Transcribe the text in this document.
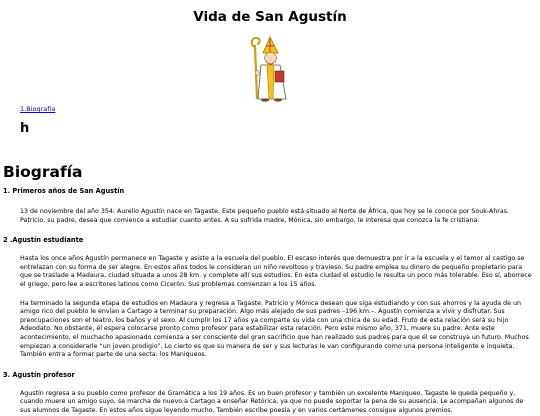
Vida de San Agustín
1.Biografia
h
Biografía
1. Primeros años de San Agustín

13 de noviembre del año 354: Aurelio Agustín nace en Tagaste. Este pequeño pueblo está situado al Norte de África, que hoy se le conoce por Souk-Ahras. Patricio, su padre, desea que comience a estudiar cuanto antes. A su sufrida madre, Mónica, sin embargo, le interesa que conozca la fe cristiana.

2 .Agustín estudiante

Hasta los once años Agustín permanece en Tagaste y asiste a la escuela del pueblo. El escaso interés que demuestra por ir a la escuela y el temor al castigo se entrelazan con su forma de ser alegre. En estos años todos le consideran un niño revoltoso y travieso. Su padre emplea su dinero de pequeño propietario para que se traslade a Madaura, ciudad situada a unos 28 km. y complete allí sus estudios. En esta ciudad el estudio le resulta un poco más tolerable. Eso sí, aborrece el griego, pero lee a escritores latinos como Cicerón. Sus problemas comienzan a los 15 años.

Ha terminado la segunda etapa de estudios en Madaura y regresa a Tagaste. Patricio y Mónica desean que siga estudiando y con sus ahorros y la ayuda de un amigo rico del pueblo le envían a Cartago a terminar su preparación. Algo más alejado de sus padres –196 km.–. Agustín comienza a vivir y disfrutar. Sus preocupaciones son el teatro, los baños y el sexo. Al cumplir los 17 años ya comparte su vida con una chica de su edad. Fruto de esta relación será su hijo Adeodato. No obstante, él espera colocarse pronto como profesor para estabilizar esta relación. Pero este mismo año, 371, muere su padre. Ante este acontecimiento, el muchacho apasionado comienza a ser consciente del gran sacrificio que han realizado sus padres para que él se construya un futuro. Muchos empiezan a considerarle “un joven prodigio”. Lo cierto es que su manera de ser y sus lecturas le van configurando como una persona inteligente e inquieta. También entra a formar parte de una secta: los Maniqueos.

3. Agustín profesor

Agustín regresa a su pueblo como profesor de Gramática a los 19 años. Es un buen profesor y también un excelente Maniqueo. Tagaste le queda pequeño y, cuando muere un amigo suyo, se marcha de nuevo a Cartago a enseñar Retórica, ya que no puede soportar la pena de su ausencia. Le acompañan algunos de sus alumnos de Tagaste. En estos años sigue leyendo mucho. También escribe poesía y en varios certámenes consigue algunos premios.
